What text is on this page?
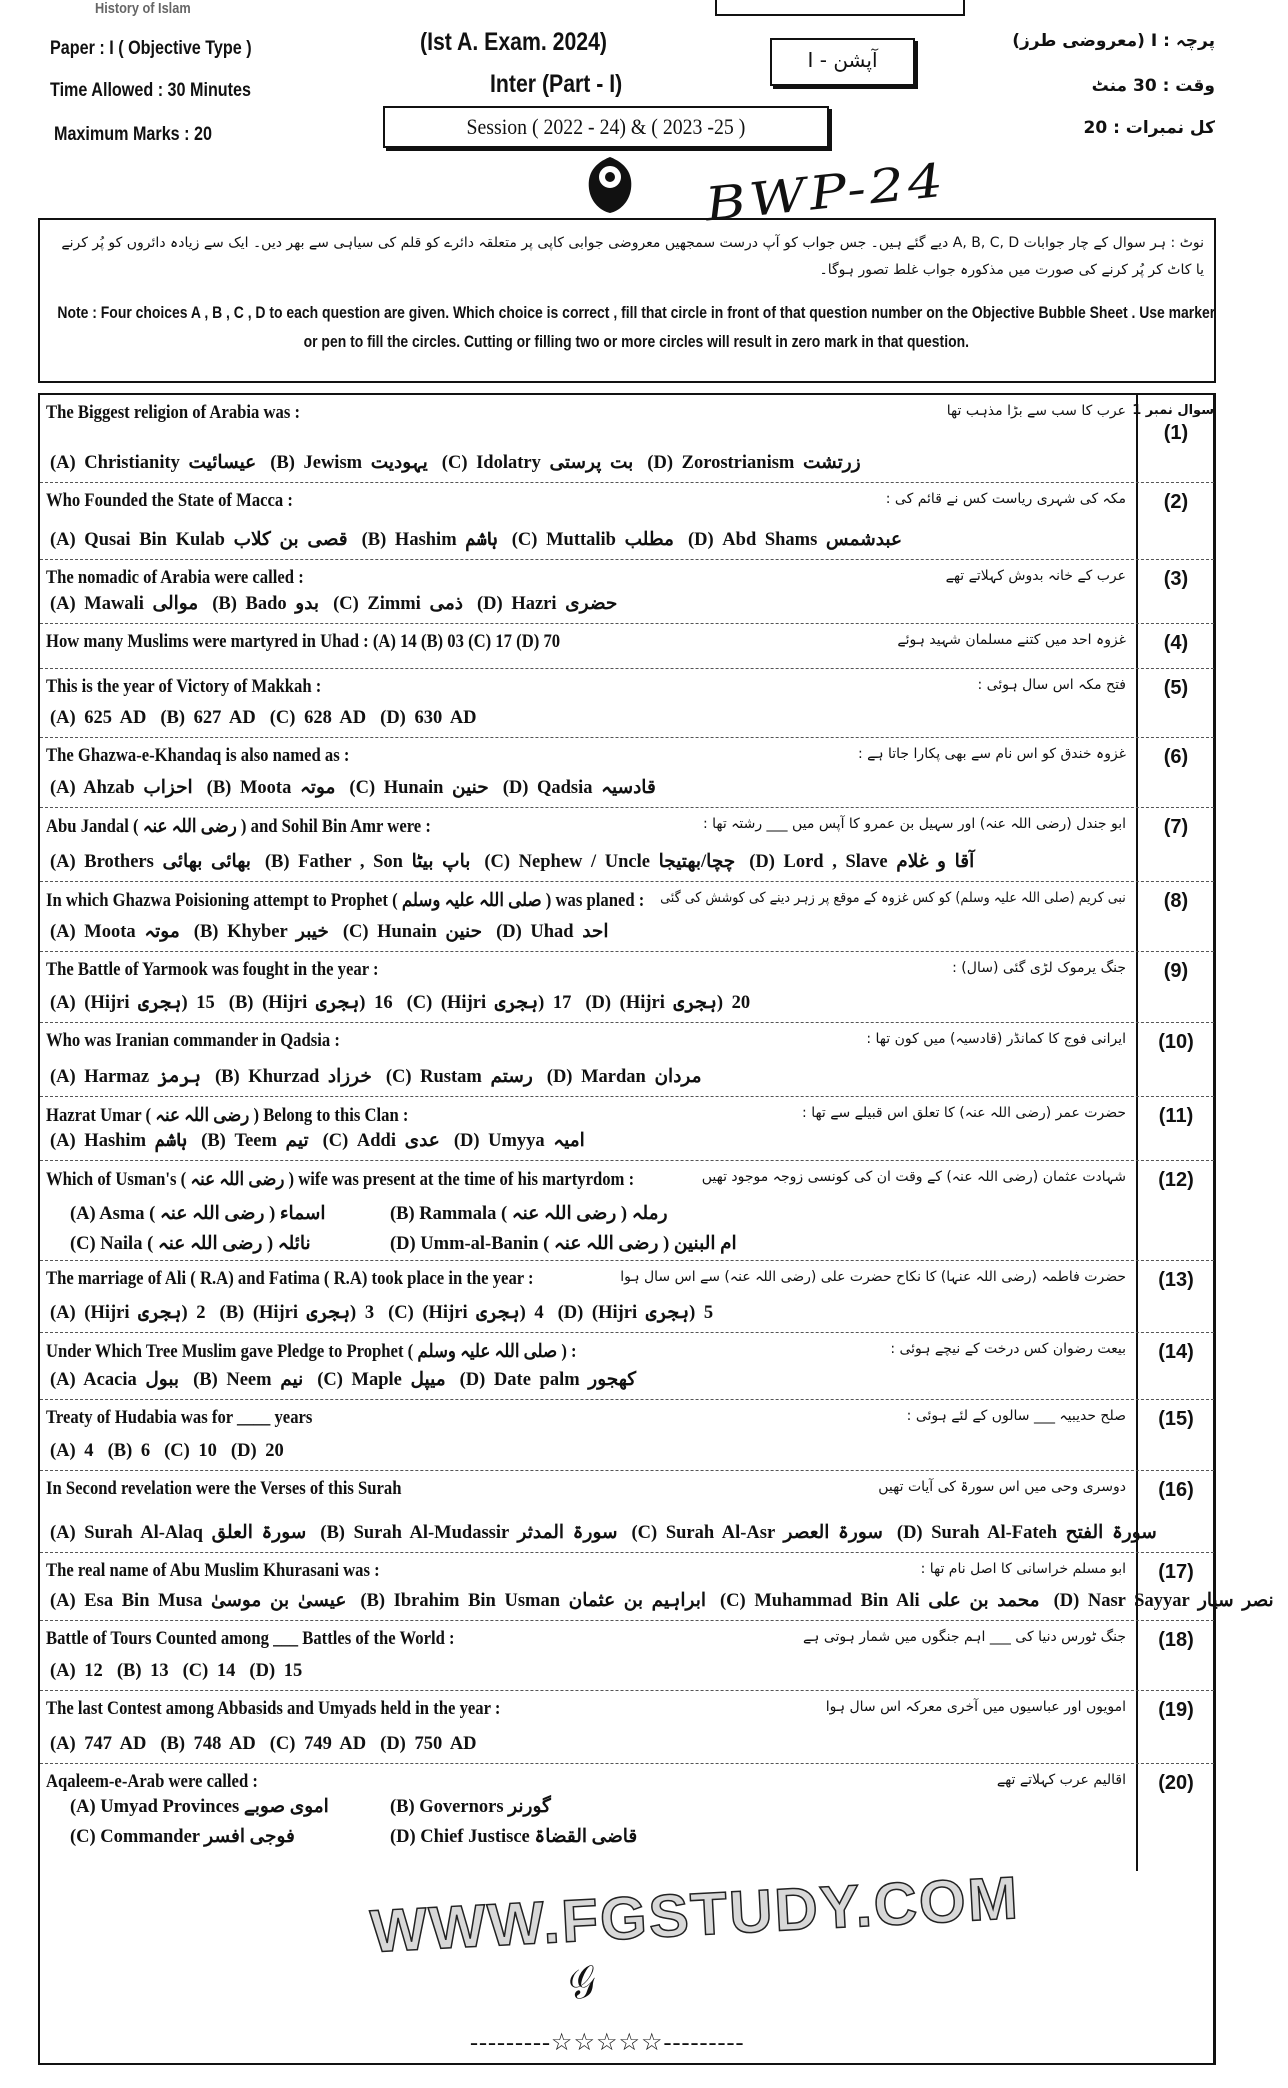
History of Islam
Paper : I ( Objective Type )
Time Allowed : 30 Minutes
Maximum Marks : 20
(Ist A. Exam. 2024)
Inter (Part - I)
Session ( 2022 - 24) & ( 2023 -25 )
آپشن - I
پرچہ : I (معروضی طرز)
وقت : 30 منٹ
کل نمبرات : 20
BWP-24
نوٹ : ہر سوال کے چار جوابات A, B, C, D دیے گئے ہیں۔ جس جواب کو آپ درست سمجھیں معروضی جوابی کاپی پر متعلقہ دائرے کو قلم کی سیاہی سے بھر دیں۔ ایک سے زیادہ دائروں کو پُر کرنے یا کاٹ کر پُر کرنے کی صورت میں مذکورہ جواب غلط تصور ہوگا۔
Note : Four choices A , B , C , D to each question are given. Which choice is correct , fill that circle in front of that question number on the Objective Bubble Sheet . Use marker or pen to fill the circles. Cutting or filling two or more circles will result in zero mark in that question.
سوال نمبر 1
(1)
The Biggest religion of Arabia was :	عرب کا سب سے بڑا مذہب تھا
(A) Christianity عیسائیت (B) Jewism یہودیت (C) Idolatry بت پرستی (D) Zorostrianism زرتشت
(2)
Who Founded the State of Macca :	مکہ کی شہری ریاست کس نے قائم کی :
(A) Qusai Bin Kulab قصی بن کلاب (B) Hashim ہاشم (C) Muttalib مطلب (D) Abd Shams عبدشمس
(3)
The nomadic of Arabia were called :	عرب کے خانہ بدوش کہلاتے تھے
(A) Mawali موالی (B) Bado بدو (C) Zimmi ذمی (D) Hazri حضری
(4)
How many Muslims were martyred in Uhad : (A) 14 (B) 03 (C) 17 (D) 70	غزوہ احد میں کتنے مسلمان شہید ہوئے
(5)
This is the year of Victory of Makkah :	فتح مکہ اس سال ہوئی :
(A) 625 AD (B) 627 AD (C) 628 AD (D) 630 AD
(6)
The Ghazwa-e-Khandaq is also named as :	غزوہ خندق کو اس نام سے بھی پکارا جاتا ہے :
(A) Ahzab احزاب (B) Moota موتہ (C) Hunain حنین (D) Qadsia قادسیہ
(7)
Abu Jandal ( رضی اللہ عنہ ) and Sohil Bin Amr were :	ابو جندل (رضی اللہ عنہ) اور سہیل بن عمرو کا آپس میں ___ رشتہ تھا :
(A) Brothers بھائی بھائی (B) Father , Son باپ بیٹا (C) Nephew / Uncle چچا/بھتیجا (D) Lord , Slave آقا و غلام
(8)
In which Ghazwa Poisioning attempt to Prophet ( صلی اللہ علیہ وسلم ) was planed : نبی کریم (صلی اللہ علیہ وسلم) کو کس غزوہ کے موقع پر زہر دینے کی کوشش کی گئی
(A) Moota موتہ (B) Khyber خیبر (C) Hunain حنین (D) Uhad احد
(9)
The Battle of Yarmook was fought in the year :	جنگ یرموک لڑی گئی (سال) :
(A) (Hijri ہجری) 15 (B) (Hijri ہجری) 16 (C) (Hijri ہجری) 17 (D) (Hijri ہجری) 20
(10)
Who was Iranian commander in Qadsia :	ایرانی فوج کا کمانڈر (قادسیہ) میں کون تھا :
(A) Harmaz ہرمز (B) Khurzad خرزاد (C) Rustam رستم (D) Mardan مردان
(11)
Hazrat Umar ( رضی اللہ عنہ ) Belong to this Clan :	حضرت عمر (رضی اللہ عنہ) کا تعلق اس قبیلے سے تھا :
(A) Hashim ہاشم (B) Teem تیم (C) Addi عدی (D) Umyya امیہ
(12)
Which of Usman's ( رضی اللہ عنہ ) wife was present at the time of his martyrdom :	شہادت عثمان (رضی اللہ عنہ) کے وقت ان کی کونسی زوجہ موجود تھیں
(A) Asma ( رضی اللہ عنہ ) اسماء	(B) Rammala ( رضی اللہ عنہ ) رملہ
(C) Naila ( رضی اللہ عنہ ) نائلہ	(D) Umm-al-Banin ( رضی اللہ عنہ ) ام البنین
(13)
The marriage of Ali ( R.A) and Fatima ( R.A) took place in the year :	حضرت فاطمہ (رضی اللہ عنہا) کا نکاح حضرت علی (رضی اللہ عنہ) سے اس سال ہوا
(A) (Hijri ہجری) 2 (B) (Hijri ہجری) 3 (C) (Hijri ہجری) 4 (D) (Hijri ہجری) 5
(14)
Under Which Tree Muslim gave Pledge to Prophet ( صلی اللہ علیہ وسلم ) :	بیعت رضوان کس درخت کے نیچے ہوئی :
(A) Acacia ببول (B) Neem نیم (C) Maple میپل (D) Date palm کھجور
(15)
Treaty of Hudabia was for ____ years	صلح حدیبیہ ___ سالوں کے لئے ہوئی :
(A) 4 (B) 6 (C) 10 (D) 20
(16)
In Second revelation were the Verses of this Surah	دوسری وحی میں اس سورۃ کی آیات تھیں
(A) Surah Al-Alaq سورۃ العلق (B) Surah Al-Mudassir سورۃ المدثر (C) Surah Al-Asr سورۃ العصر (D) Surah Al-Fateh سورۃ الفتح
(17)
The real name of Abu Muslim Khurasani was :	ابو مسلم خراسانی کا اصل نام تھا :
(A) Esa Bin Musa عیسیٰ بن موسیٰ (B) Ibrahim Bin Usman ابراہیم بن عثمان (C) Muhammad Bin Ali محمد بن علی (D) Nasr Sayyar نصر سیار
(18)
Battle of Tours Counted among ___ Battles of the World :	جنگ ٹورس دنیا کی ___ اہم جنگوں میں شمار ہوتی ہے
(A) 12 (B) 13 (C) 14 (D) 15
(19)
The last Contest among Abbasids and Umyads held in the year :	امویوں اور عباسیوں میں آخری معرکہ اس سال ہوا
(A) 747 AD (B) 748 AD (C) 749 AD (D) 750 AD
(20)
Aqaleem-e-Arab were called :	اقالیم عرب کہلاتے تھے
(A) Umyad Provinces اموی صوبے	(B) Governors گورنر
(C) Commander فوجی افسر	(D) Chief Justisce قاضی القضاۃ
WWW.FGSTUDY.COM
𝒢
---------☆☆☆☆☆---------
